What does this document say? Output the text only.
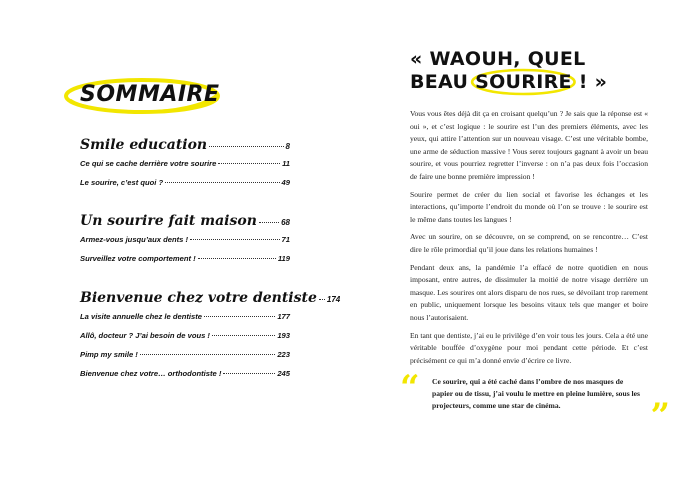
SOMMAIRE
Smile education	8
Ce qui se cache derrière votre sourire	11
Le sourire, c’est quoi ?	49
Un sourire fait maison	68
Armez-vous jusqu’aux dents !	71
Surveillez votre comportement !	119
Bienvenue chez votre dentiste 174
La visite annuelle chez le dentiste	177
Allô, docteur ? J’ai besoin de vous !	193
Pimp my smile !	223
Bienvenue chez votre… orthodontiste !	245
« WAOUH, QUEL
BEAU
SOURIRE ! »

Vous vous êtes déjà dit ça en croisant quelqu’un ? Je sais que la réponse est « oui », et c’est logique : le sourire est l’un des premiers éléments, avec les yeux, qui attire l’attention sur un nouveau visage. C’est une véritable bombe, une arme de séduction massive ! Vous serez toujours gagnant à avoir un beau sourire, et vous pourriez regretter l’inverse : on n’a pas deux fois l’occasion de faire une bonne première impression !

Sourire permet de créer du lien social et favorise les échanges et les interactions, qu’importe l’endroit du monde où l’on se trouve : le sourire est le même dans toutes les langues !

Avec un sourire, on se découvre, on se comprend, on se rencontre… C’est dire le rôle primordial qu’il joue dans les relations humaines !

Pendant deux ans, la pandémie l’a effacé de notre quotidien en nous imposant, entre autres, de dissimuler la moitié de notre visage derrière un masque. Les sourires ont alors disparu de nos rues, se dévoilant trop rarement en public, uniquement lorsque les besoins vitaux tels que manger et boire nous l’autorisaient.

En tant que dentiste, j’ai eu le privilège d’en voir tous les jours. Cela a été une véritable bouffée d’oxygène pour moi pendant cette période. Et c’est précisément ce qui m’a donné envie d’écrire ce livre.

“ Ce sourire, qui a été caché dans l’ombre de nos masques de papier ou de tissu, j’ai voulu le mettre en pleine lumière, sous les projecteurs, comme une star de cinéma.	”
